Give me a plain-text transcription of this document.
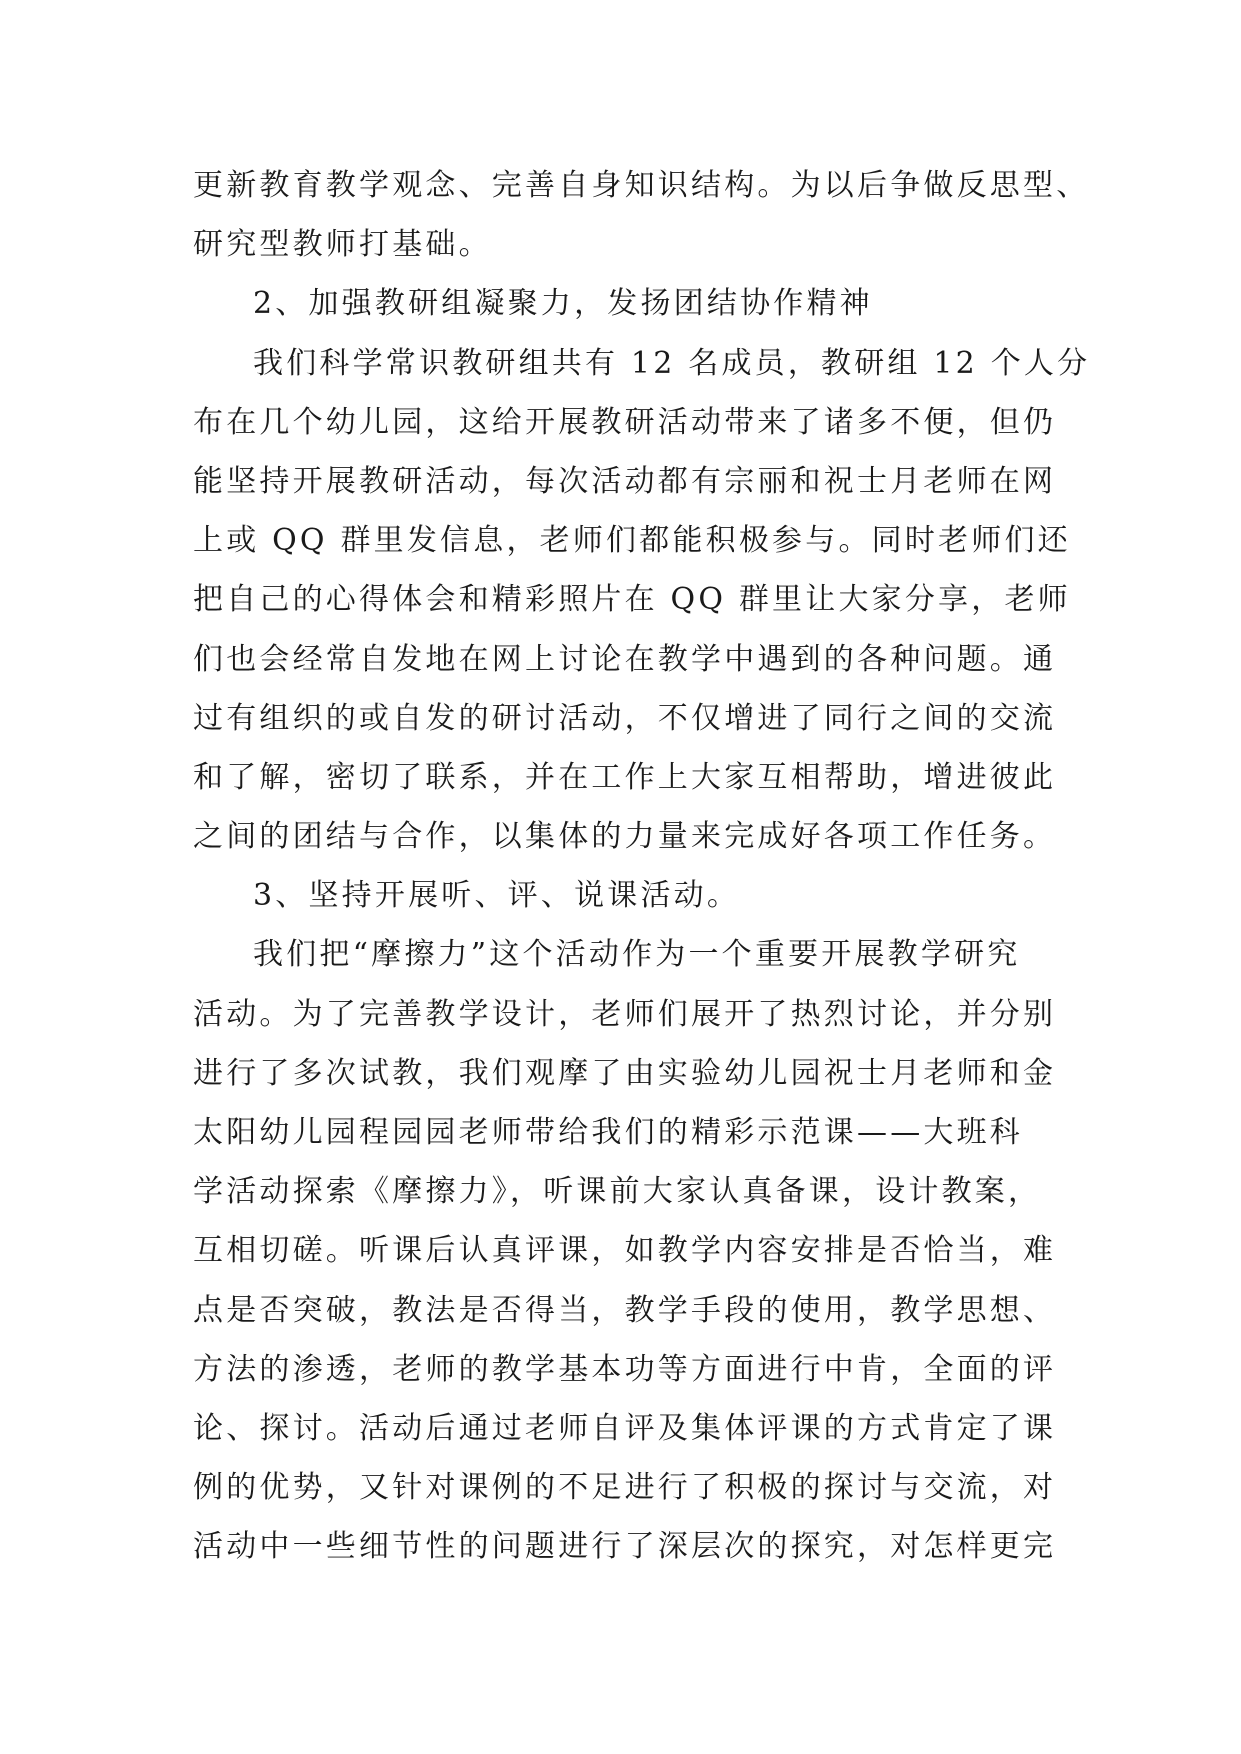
更新教育教学观念、完善自身知识结构。为以后争做反思型、
研究型教师打基础。
2、加强教研组凝聚力，发扬团结协作精神
我们科学常识教研组共有 12 名成员，教研组 12 个人分
布在几个幼儿园，这给开展教研活动带来了诸多不便，但仍
能坚持开展教研活动，每次活动都有宗丽和祝士月老师在网
上或 QQ 群里发信息，老师们都能积极参与。同时老师们还
把自己的心得体会和精彩照片在 QQ 群里让大家分享，老师
们也会经常自发地在网上讨论在教学中遇到的各种问题。通
过有组织的或自发的研讨活动，不仅增进了同行之间的交流
和了解，密切了联系，并在工作上大家互相帮助，增进彼此
之间的团结与合作，以集体的力量来完成好各项工作任务。
3、坚持开展听、评、说课活动。
我们把“摩擦力”这个活动作为一个重要开展教学研究
活动。为了完善教学设计，老师们展开了热烈讨论，并分别
进行了多次试教，我们观摩了由实验幼儿园祝士月老师和金
太阳幼儿园程园园老师带给我们的精彩示范课——大班科
学活动探索《摩擦力》，听课前大家认真备课，设计教案，
互相切磋。听课后认真评课，如教学内容安排是否恰当，难
点是否突破，教法是否得当，教学手段的使用，教学思想、
方法的渗透，老师的教学基本功等方面进行中肯，全面的评
论、探讨。活动后通过老师自评及集体评课的方式肯定了课
例的优势，又针对课例的不足进行了积极的探讨与交流，对
活动中一些细节性的问题进行了深层次的探究，对怎样更完
